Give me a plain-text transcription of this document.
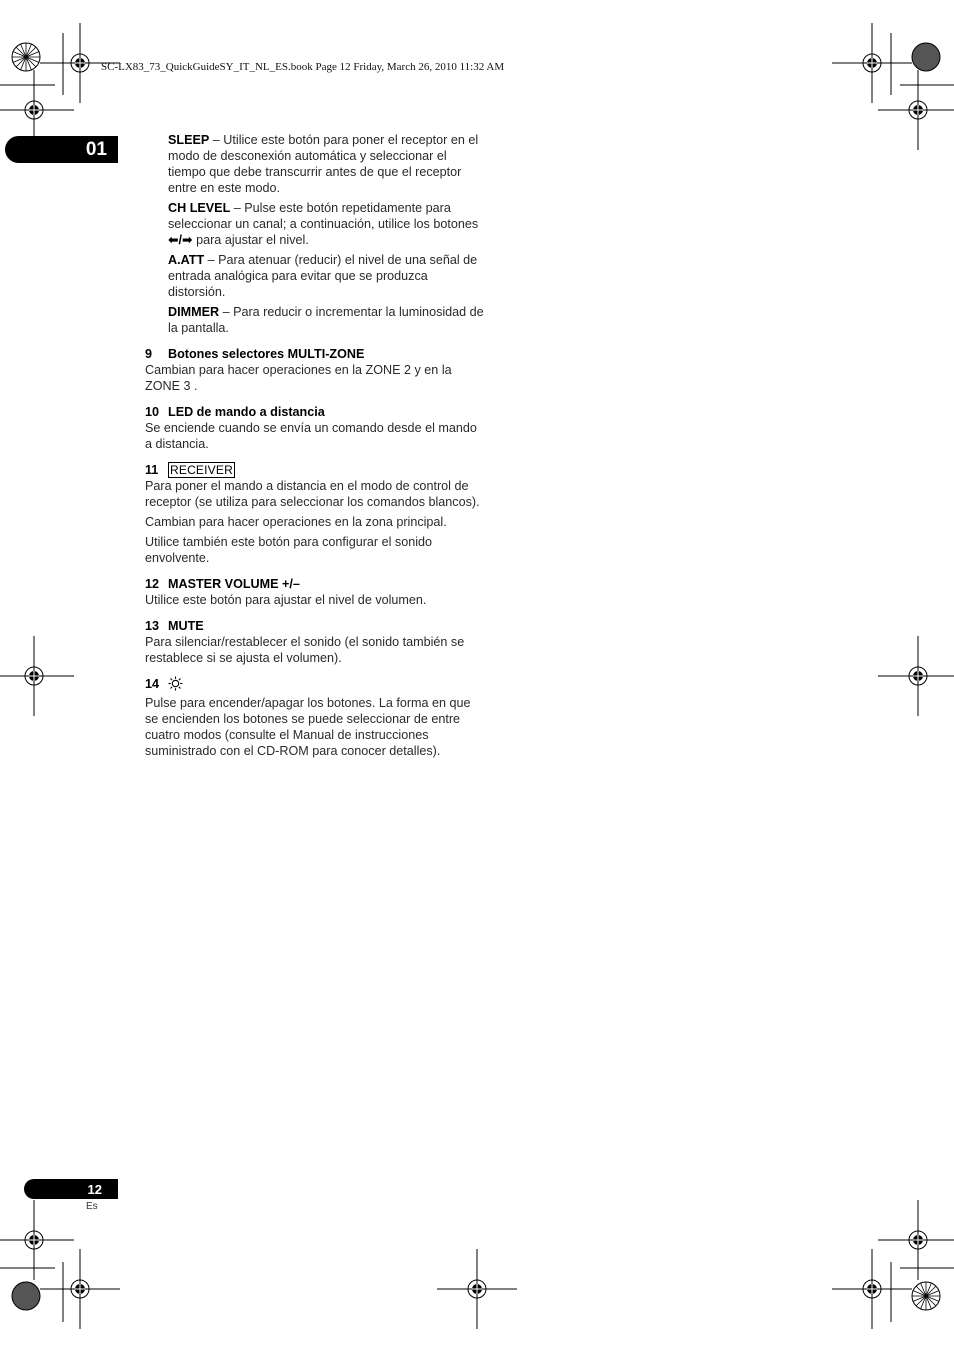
SC-LX83_73_QuickGuideSY_IT_NL_ES.book Page 12 Friday, March 26, 2010 11:32 AM
01	SLEEP – Utilice este botón para poner el receptor en el modo de desconexión automática y seleccionar el tiempo que debe transcurrir antes de que el receptor entre en este modo.
CH LEVEL – Pulse este botón repetidamente para seleccionar un canal; a continuación, utilice los botones ⬅/➡ para ajustar el nivel.
A.ATT – Para atenuar (reducir) el nivel de una señal de entrada analógica para evitar que se produzca distorsión.
DIMMER – Para reducir o incrementar la luminosidad de la pantalla.
9 Botones selectores MULTI-ZONE
Cambian para hacer operaciones en la ZONE 2 y en la ZONE 3 .
10 LED de mando a distancia
Se enciende cuando se envía un comando desde el mando a distancia.
11 RECEIVER
Para poner el mando a distancia en el modo de control de receptor (se utiliza para seleccionar los comandos blancos).
Cambian para hacer operaciones en la zona principal.
Utilice también este botón para configurar el sonido envolvente.
12 MASTER VOLUME +/–
Utilice este botón para ajustar el nivel de volumen.
13 MUTE
Para silenciar/restablecer el sonido (el sonido también se restablece si se ajusta el volumen).
14
Pulse para encender/apagar los botones. La forma en que se encienden los botones se puede seleccionar de entre cuatro modos (consulte el Manual de instrucciones suministrado con el CD-ROM para conocer detalles).
12
Es
